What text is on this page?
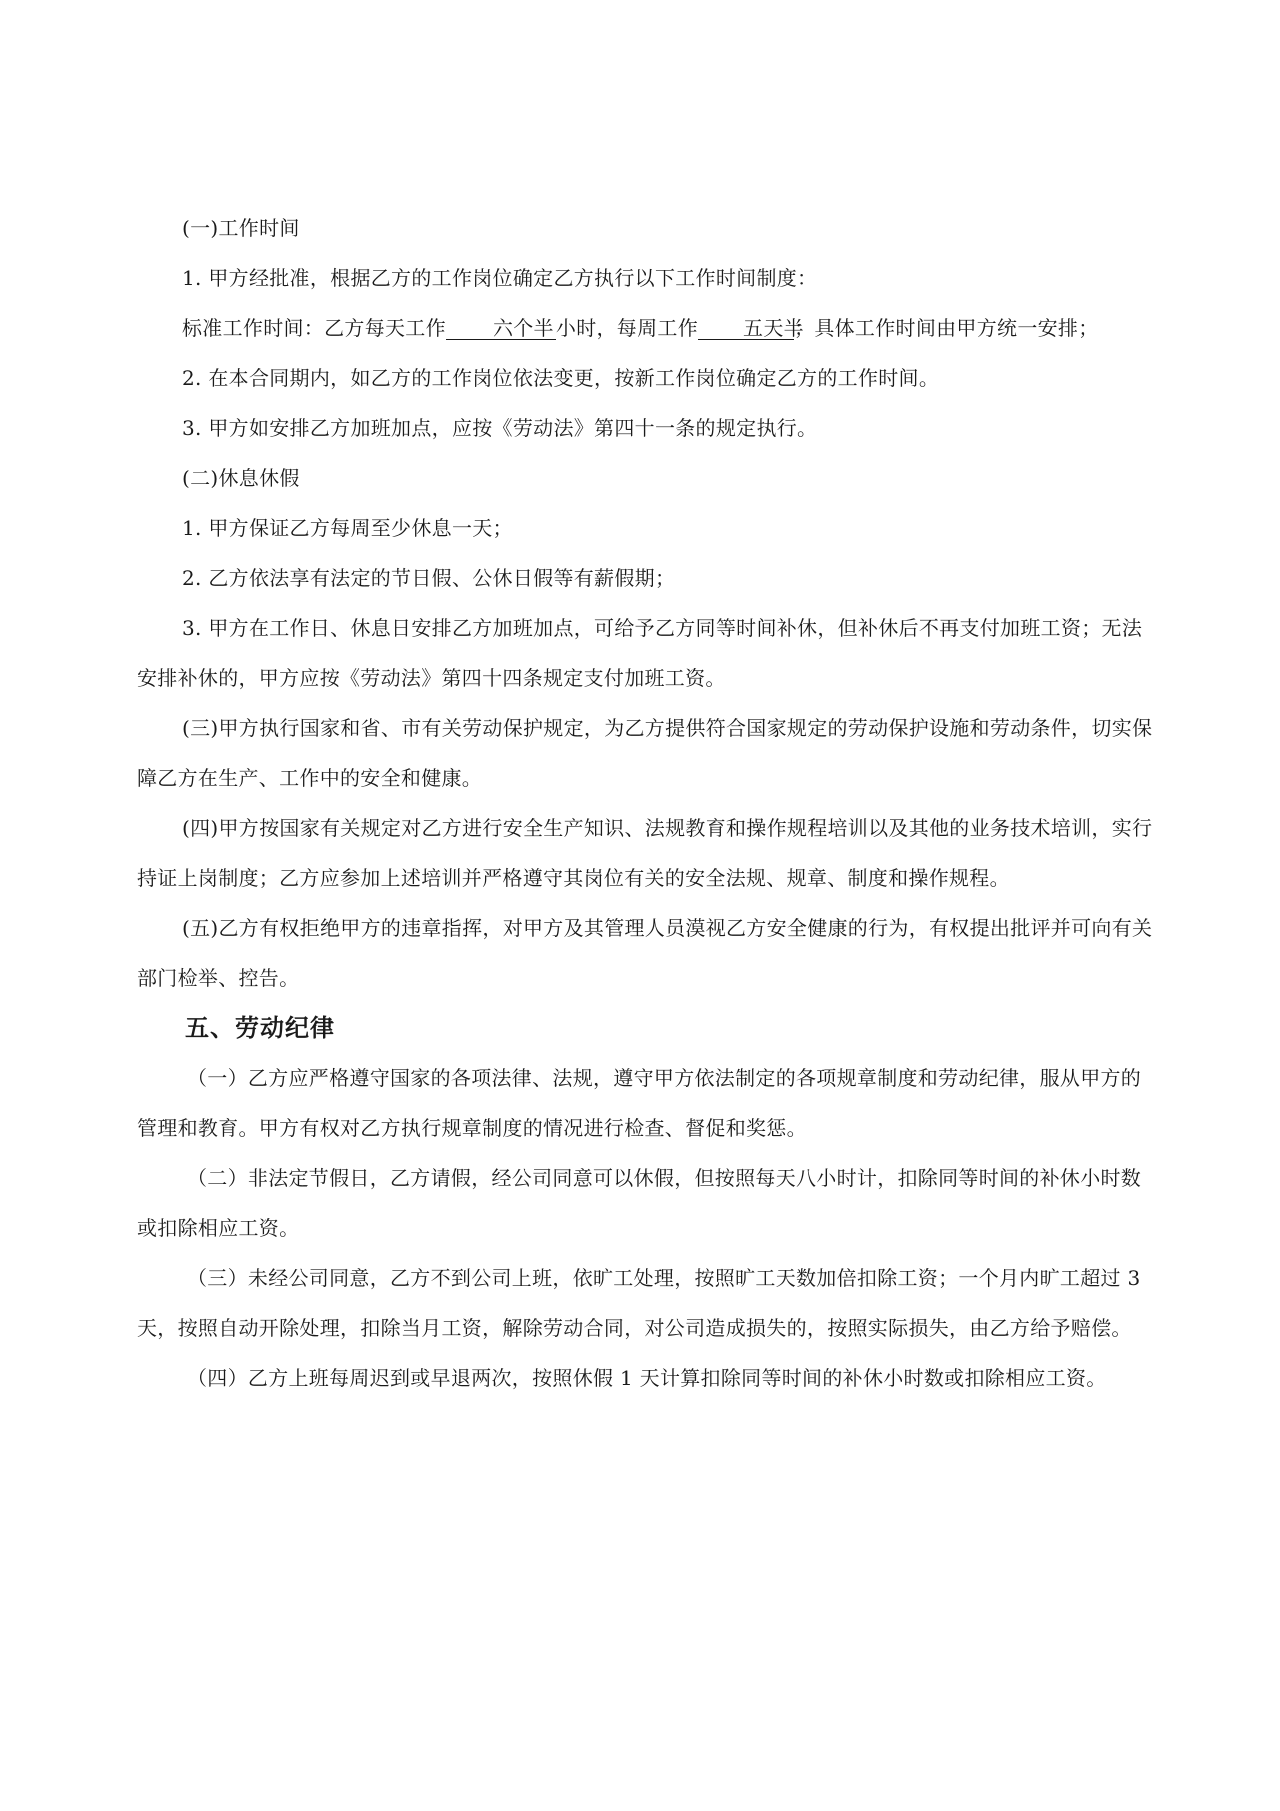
(一)工作时间

1. 甲方经批准，根据乙方的工作岗位确定乙方执行以下工作时间制度：

标准工作时间：乙方每天工作 六个半 小时，每周工作 五天半；具体工作时间由甲方统一安排；

2. 在本合同期内，如乙方的工作岗位依法变更，按新工作岗位确定乙方的工作时间。

3. 甲方如安排乙方加班加点，应按《劳动法》第四十一条的规定执行。

(二)休息休假

1. 甲方保证乙方每周至少休息一天；

2. 乙方依法享有法定的节日假、公休日假等有薪假期；

3. 甲方在工作日、休息日安排乙方加班加点，可给予乙方同等时间补休，但补休后不再支付加班工资；无法安排补休的，甲方应按《劳动法》第四十四条规定支付加班工资。

(三)甲方执行国家和省、市有关劳动保护规定，为乙方提供符合国家规定的劳动保护设施和劳动条件，切实保障乙方在生产、工作中的安全和健康。

(四)甲方按国家有关规定对乙方进行安全生产知识、法规教育和操作规程培训以及其他的业务技术培训，实行持证上岗制度；乙方应参加上述培训并严格遵守其岗位有关的安全法规、规章、制度和操作规程。

(五)乙方有权拒绝甲方的违章指挥，对甲方及其管理人员漠视乙方安全健康的行为，有权提出批评并可向有关部门检举、控告。

五、劳动纪律

（一）乙方应严格遵守国家的各项法律、法规，遵守甲方依法制定的各项规章制度和劳动纪律，服从甲方的管理和教育。甲方有权对乙方执行规章制度的情况进行检查、督促和奖惩。

（二）非法定节假日，乙方请假，经公司同意可以休假，但按照每天八小时计，扣除同等时间的补休小时数或扣除相应工资。

（三）未经公司同意，乙方不到公司上班，依旷工处理，按照旷工天数加倍扣除工资；一个月内旷工超过 3 天，按照自动开除处理，扣除当月工资，解除劳动合同，对公司造成损失的，按照实际损失，由乙方给予赔偿。

（四）乙方上班每周迟到或早退两次，按照休假 1 天计算扣除同等时间的补休小时数或扣除相应工资。
